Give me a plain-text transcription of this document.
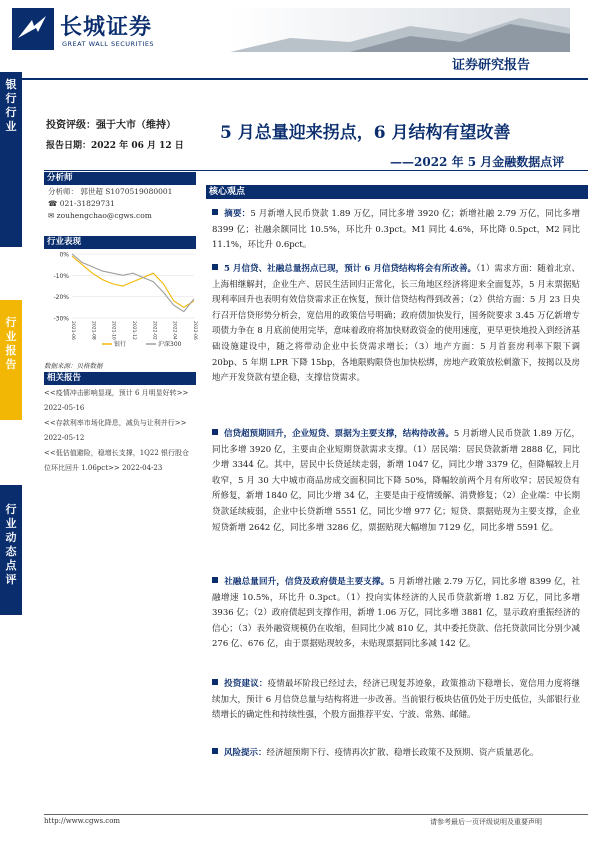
长城证券
GREAT WALL SECURITIES
证券研究报告
银
行
行
业
行
业
报
告
行
业
动
态
点
评
投资评级：强于大市（维持）
报告日期：2022 年 06 月 12 日
5 月总量迎来拐点，6 月结构有望改善
——2022 年 5 月金融数据点评
分析师
分析师： 郭世超 S1070519080001
☎ 021-31829731
✉ zouhengchao@cgws.com
行业表现
0%
-10%
-20%
-30%
2021-06	2021-08	2021-10	2021-12	2022-02	2022-04	2022-06
银行	沪深300
数据来源：贝格数据
相关报告
<<疫情冲击影响显现，预计 6 月明显好转>> 2022-05-16
<<存款利率市场化降息，减负与让利并行>> 2022-05-12
<<低估值避险，稳增长支撑，1Q22 银行股仓位环比回升 1.06pct>> 2022-04-23
核心观点
摘要：5 月新增人民币贷款 1.89 万亿，同比多增 3920 亿；新增社融 2.79 万亿，同比多增 8399 亿；社融余额同比 10.5%，环比升 0.3pct。M1 同比 4.6%，环比降 0.5pct，M2 同比 11.1%，环比升 0.6pct。
5 月信贷、社融总量拐点已现，预计 6 月信贷结构将会有所改善。（1）需求方面：随着北京、上海相继解封，企业生产、居民生活回归正常化，长三角地区经济将迎来全面复苏，5 月末票据贴现利率回升也表明有效信贷需求正在恢复，预计信贷结构得到改善；（2）供给方面：5 月 23 日央行召开信贷形势分析会，宽信用的政策信号明确；政府债加快发行，国务院要求 3.45 万亿新增专项债力争在 8 月底前使用完毕，意味着政府将加快财政资金的使用速度，更早更快地投入到经济基础设施建设中，随之将带动企业中长贷需求增长；（3）地产方面：5 月首套房利率下限下调 20bp、5 年期 LPR 下降 15bp，各地限购限贷也加快松绑，房地产政策放松刺激下，按揭以及房地产开发贷款有望企稳，支撑信贷需求。
信贷超预期回升，企业短贷、票据为主要支撑，结构待改善。5 月新增人民币贷款 1.89 万亿，同比多增 3920 亿，主要由企业短期贷款需求支撑。（1）居民端：居民贷款新增 2888 亿，同比少增 3344 亿。其中，居民中长贷延续走弱，新增 1047 亿，同比少增 3379 亿，但降幅较上月收窄，5 月 30 大中城市商品房成交面积同比下降 50%，降幅较前两个月有所收窄；居民短贷有所修复，新增 1840 亿，同比少增 34 亿，主要是由于疫情缓解、消费修复；（2）企业端：中长期贷款延续疲弱，企业中长贷新增 5551 亿，同比少增 977 亿；短贷、票据贴现为主要支撑，企业短贷新增 2642 亿，同比多增 3286 亿，票据贴现大幅增加 7129 亿，同比多增 5591 亿。
社融总量回升，信贷及政府债是主要支撑。5 月新增社融 2.79 万亿，同比多增 8399 亿，社融增速 10.5%，环比升 0.3pct。（1）投向实体经济的人民币贷款新增 1.82 万亿，同比多增 3936 亿；（2）政府债起到支撑作用，新增 1.06 万亿，同比多增 3881 亿，显示政府重振经济的信心；（3）表外融资规模仍在收缩，但同比少减 810 亿，其中委托贷款、信托贷款同比分别少减 276 亿、676 亿，由于票据贴现较多，未贴现票据同比多减 142 亿。
投资建议：疫情最坏阶段已经过去，经济已现复苏迹象，政策推动下稳增长、宽信用力度将继续加大，预计 6 月信贷总量与结构将进一步改善。当前银行板块估值仍处于历史低位，头部银行业绩增长的确定性和持续性强，个股方面推荐平安、宁波、常熟、邮储。
风险提示：经济超预期下行、疫情再次扩散、稳增长政策不及预期、资产质量恶化。
http://www.cgws.com	请参考最后一页评级说明及重要声明
